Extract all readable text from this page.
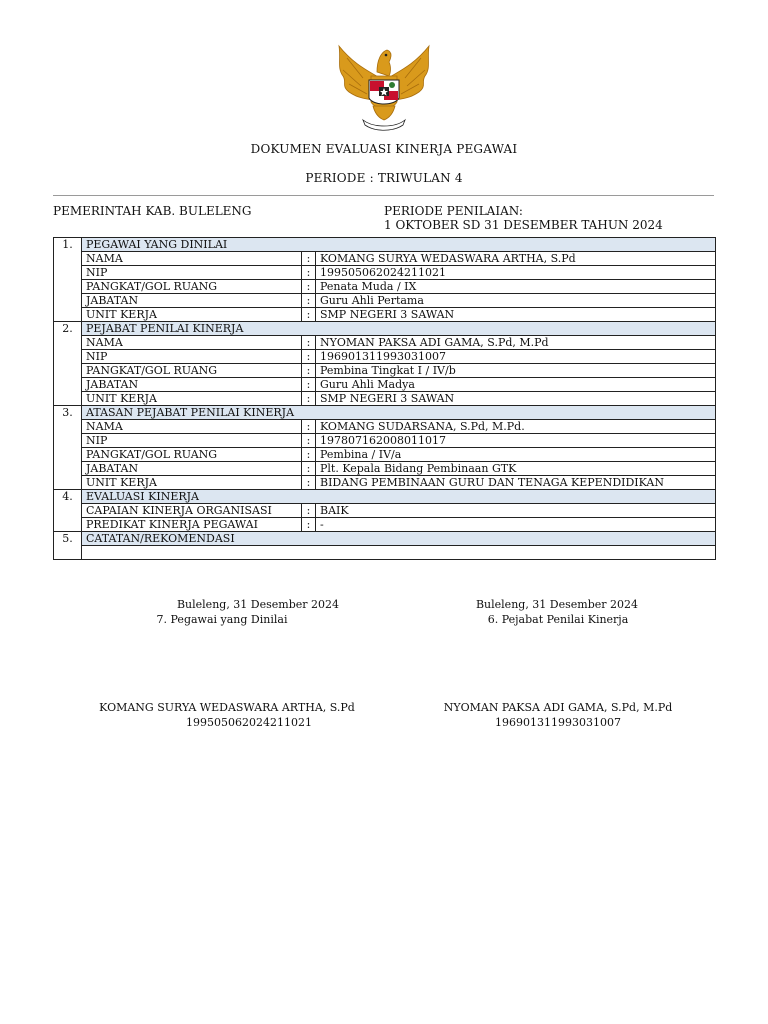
DOKUMEN EVALUASI KINERJA PEGAWAI
PERIODE : TRIWULAN 4
PEMERINTAH KAB. BULELENG	PERIODE PENILAIAN:
1 OKTOBER SD 31 DESEMBER TAHUN 2024
1.	PEGAWAI YANG DINILAI		
	NAMA	:	KOMANG SURYA WEDASWARA ARTHA, S.Pd
	NIP	:	199505062024211021
	PANGKAT/GOL RUANG	:	Penata Muda / IX
	JABATAN	:	Guru Ahli Pertama
	UNIT KERJA	:	SMP NEGERI 3 SAWAN
2.	PEJABAT PENILAI KINERJA		
	NAMA	:	NYOMAN PAKSA ADI GAMA, S.Pd, M.Pd
	NIP	:	196901311993031007
	PANGKAT/GOL RUANG	:	Pembina Tingkat I / IV/b
	JABATAN	:	Guru Ahli Madya
	UNIT KERJA	:	SMP NEGERI 3 SAWAN
3.	ATASAN PEJABAT PENILAI KINERJA		
	NAMA	:	KOMANG SUDARSANA, S.Pd, M.Pd.
	NIP	:	197807162008011017
	PANGKAT/GOL RUANG	:	Pembina / IV/a
	JABATAN	:	Plt. Kepala Bidang Pembinaan GTK
	UNIT KERJA	:	BIDANG PEMBINAAN GURU DAN TENAGA KEPENDIDIKAN
4.	EVALUASI KINERJA		
	CAPAIAN KINERJA ORGANISASI	:	BAIK
	PREDIKAT KINERJA PEGAWAI	:	-
5.	CATATAN/REKOMENDASI		

Buleleng, 31 Desember 2024
7. Pegawai yang Dinilai
KOMANG SURYA WEDASWARA ARTHA, S.Pd
199505062024211021
Buleleng, 31 Desember 2024
6. Pejabat Penilai Kinerja
NYOMAN PAKSA ADI GAMA, S.Pd, M.Pd
196901311993031007
